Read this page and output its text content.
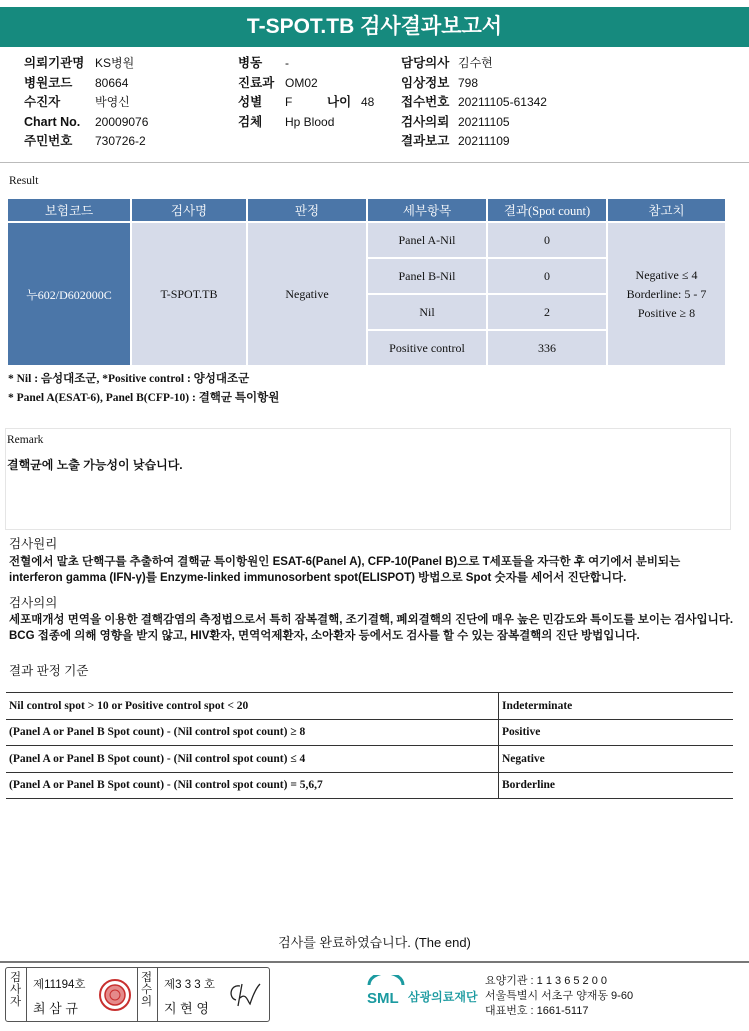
T-SPOT.TB 검사결과보고서
의뢰기관명 KS병원
병원코드 80664
수진자	박영신
Chart No. 20009076
주민번호 730726-2
병동 -
진료과 OM02
성별 F	나이 48
검체 Hp Blood
담당의사 김수현
임상정보 798
접수번호 20211105-61342
검사의뢰 20211105
결과보고 20211109
Result
보험코드	검사명	판정	세부항목	결과(Spot count)	참고치
누602/D602000C	T-SPOT.TB	Negative	Panel A-Nil	0	Negative ≤ 4
Borderline: 5 - 7
Positive ≥ 8

			Panel B-Nil	0	
			Nil	2	
			Positive control	336	
* Nil : 음성대조군, *Positive control : 양성대조군
* Panel A(ESAT-6), Panel B(CFP-10) : 결핵균 특이항원
Remark
결핵균에 노출 가능성이 낮습니다.
검사원리
전혈에서 말초 단핵구를 추출하여 결핵균 특이항원인 ESAT-6(Panel A), CFP-10(Panel B)으로 T세포들을 자극한 후 여기에서 분비되는 interferon gamma (IFN-γ)를 Enzyme-linked immunosorbent spot(ELISPOT) 방법으로 Spot 숫자를 세어서 진단합니다.
검사의의
세포매개성 면역을 이용한 결핵감염의 측정법으로서 특히 잠복결핵, 조기결핵, 폐외결핵의 진단에 매우 높은 민감도와 특이도를 보이는 검사입니다. BCG 접종에 의해 영향을 받지 않고, HIV환자, 면역억제환자, 소아환자 등에서도 검사를 할 수 있는 잠복결핵의 진단 방법입니다.
결과 판정 기준
Nil control spot > 10 or Positive control spot < 20	Indeterminate
(Panel A or Panel B Spot count) - (Nil control spot count) ≥ 8	Positive
(Panel A or Panel B Spot count) - (Nil control spot count) ≤ 4	Negative
(Panel A or Panel B Spot count) - (Nil control spot count) = 5,6,7	Borderline
검사를 완료하였습니다. (The end)
검
사
자
제11194호
최 삼 규
접
수
의
제3 3 3 호
지 현 영
SML 삼광의료재단
요양기관 : 1 1 3 6 5 2 0 0
서울특별시 서초구 양재동 9-60
대표번호 : 1661-5117
